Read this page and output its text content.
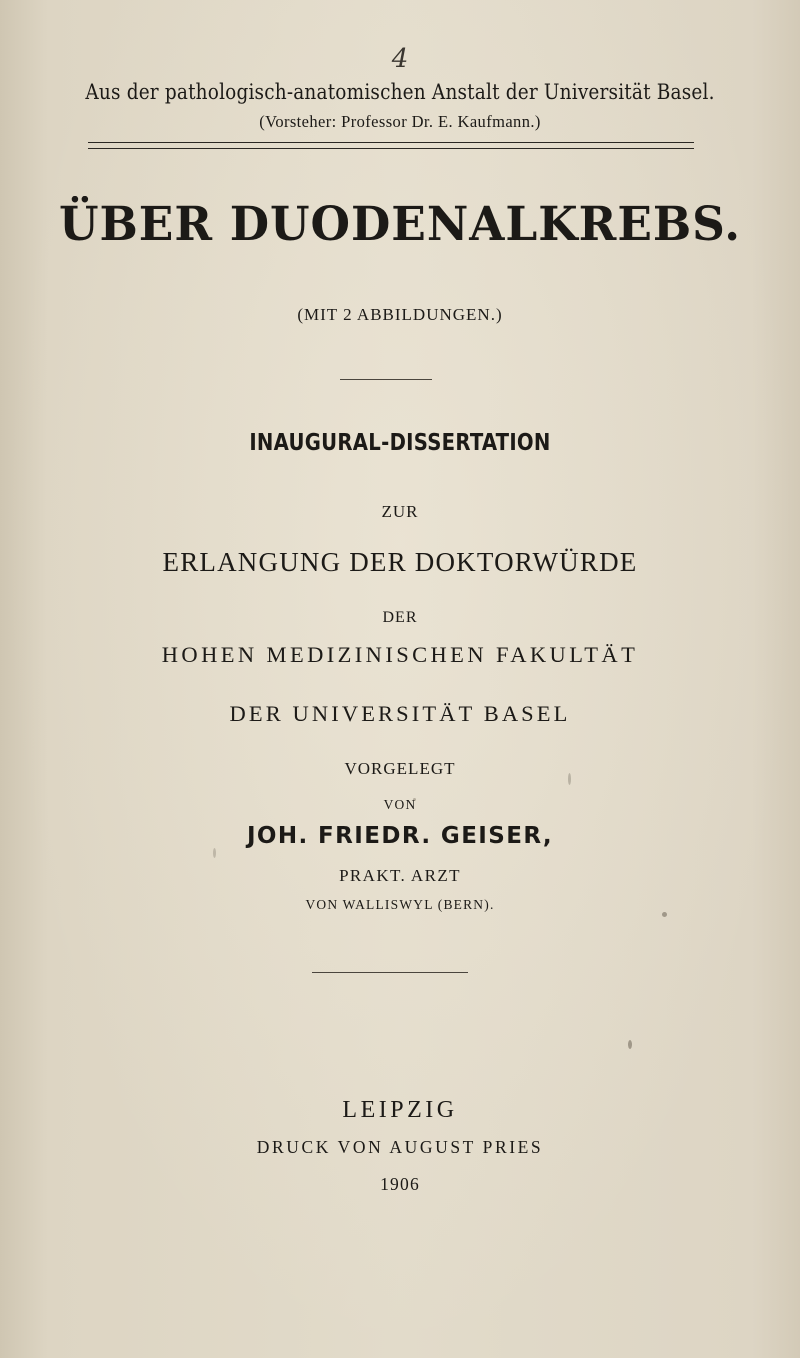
4
Aus der pathologisch-anatomischen Anstalt der Universität Basel.
(Vorsteher: Professor Dr. E. Kaufmann.)
ÜBER DUODENALKREBS.
(MIT 2 ABBILDUNGEN.)
INAUGURAL-DISSERTATION
ZUR
ERLANGUNG DER DOKTORWÜRDE
DER
HOHEN MEDIZINISCHEN FAKULTÄT
DER UNIVERSITÄT BASEL
VORGELEGT
VON
JOH. FRIEDR. GEISER,
PRAKT. ARZT
VON WALLISWYL (BERN).
LEIPZIG
DRUCK VON AUGUST PRIES
1906
